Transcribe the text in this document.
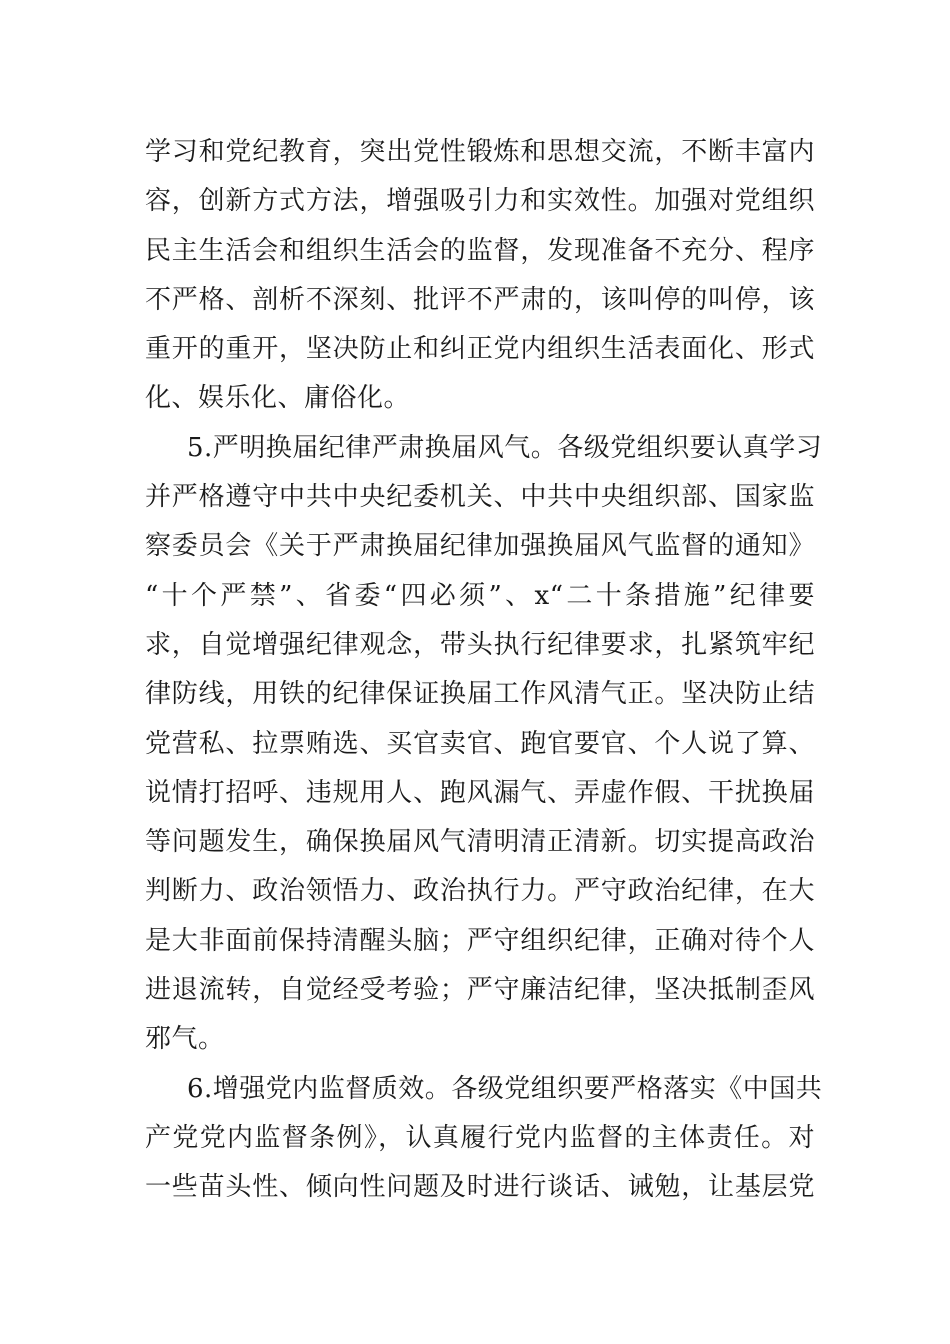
学习和党纪教育，突出党性锻炼和思想交流，不断丰富内
容，创新方式方法，增强吸引力和实效性。加强对党组织
民主生活会和组织生活会的监督，发现准备不充分、程序
不严格、剖析不深刻、批评不严肃的，该叫停的叫停，该
重开的重开，坚决防止和纠正党内组织生活表面化、形式
化、娱乐化、庸俗化。
5.严明换届纪律严肃换届风气。各级党组织要认真学习
并严格遵守中共中央纪委机关、中共中央组织部、国家监
察委员会《关于严肃换届纪律加强换届风气监督的通知》
“十个严禁”、省委“四必须”、x“二十条措施”纪律要
求，自觉增强纪律观念，带头执行纪律要求，扎紧筑牢纪
律防线，用铁的纪律保证换届工作风清气正。坚决防止结
党营私、拉票贿选、买官卖官、跑官要官、个人说了算、
说情打招呼、违规用人、跑风漏气、弄虚作假、干扰换届
等问题发生，确保换届风气清明清正清新。切实提高政治
判断力、政治领悟力、政治执行力。严守政治纪律，在大
是大非面前保持清醒头脑；严守组织纪律，正确对待个人
进退流转，自觉经受考验；严守廉洁纪律，坚决抵制歪风
邪气。
6.增强党内监督质效。各级党组织要严格落实《中国共
产党党内监督条例》，认真履行党内监督的主体责任。对
一些苗头性、倾向性问题及时进行谈话、诫勉，让基层党
